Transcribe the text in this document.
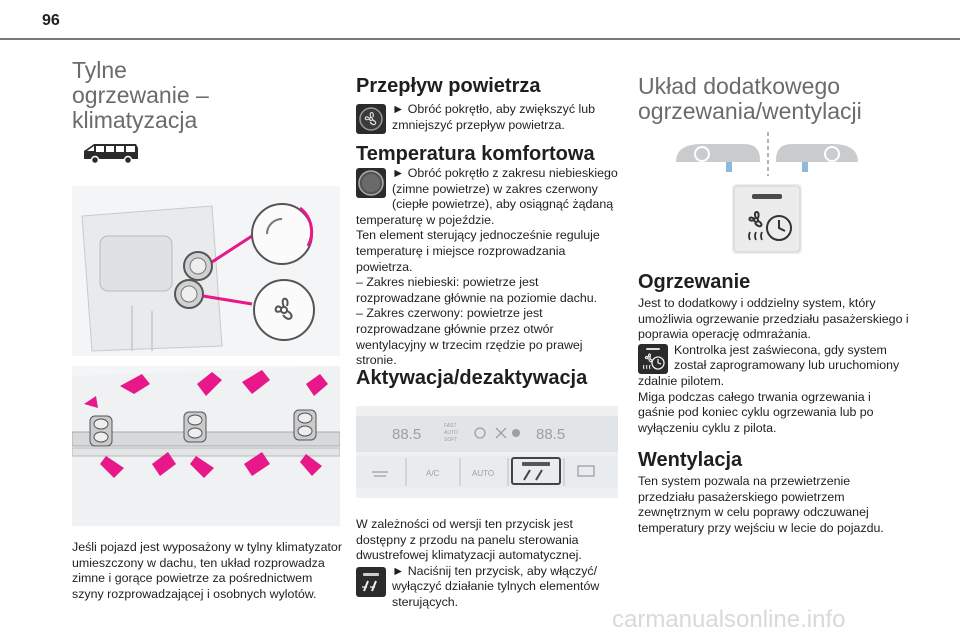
96
Tylne
ogrzewanie – klimatyzacja

Jeśli pojazd jest wyposażony w tylny klimatyzator umieszczony w dachu, ten układ rozprowadza zimne i gorące powietrze za pośrednictwem szyny rozprowadzającej i osobnych wylotów.

Przepływ powietrza
► Obróć pokrętło, aby zwiększyć lub zmniejszyć przepływ powietrza.
Temperatura komfortowa

► Obróć pokrętło z zakresu niebieskiego (zimne powietrze) w zakres czerwony (ciepłe powietrze), aby osiągnąć żądaną temperaturę w pojeździe.

Ten element sterujący jednocześnie reguluje temperaturę i miejsce rozprowadzania powietrza.

– Zakres niebieski: powietrze jest rozprowadzane głównie na poziomie dachu.

– Zakres czerwony: powietrze jest rozprowadzane głównie przez otwór wentylacyjny w trzecim rzędzie po prawej stronie.

Aktywacja/dezaktywacja
88.5	FAST
AUTO
SOFT	88.5
A/C	AUTO

W zależności od wersji ten przycisk jest dostępny z przodu na panelu sterowania dwustrefowej klimatyzacji automatycznej.

► Naciśnij ten przycisk, aby włączyć/ wyłączyć działanie tylnych elementów sterujących.

Układ dodatkowego
ogrzewania/wentylacji
Ogrzewanie

Jest to dodatkowy i oddzielny system, który umożliwia ogrzewanie przedziału pasażerskiego i poprawia operację odmrażania.

Kontrolka jest zaświecona, gdy system został zaprogramowany lub uruchomiony zdalnie pilotem.

Miga podczas całego trwania ogrzewania i gaśnie pod koniec cyklu ogrzewania lub po wyłączeniu cyklu z pilota.

Wentylacja

Ten system pozwala na przewietrzenie przedziału pasażerskiego powietrzem zewnętrznym w celu poprawy odczuwanej temperatury przy wejściu w lecie do pojazdu.

carmanualsonline.info
